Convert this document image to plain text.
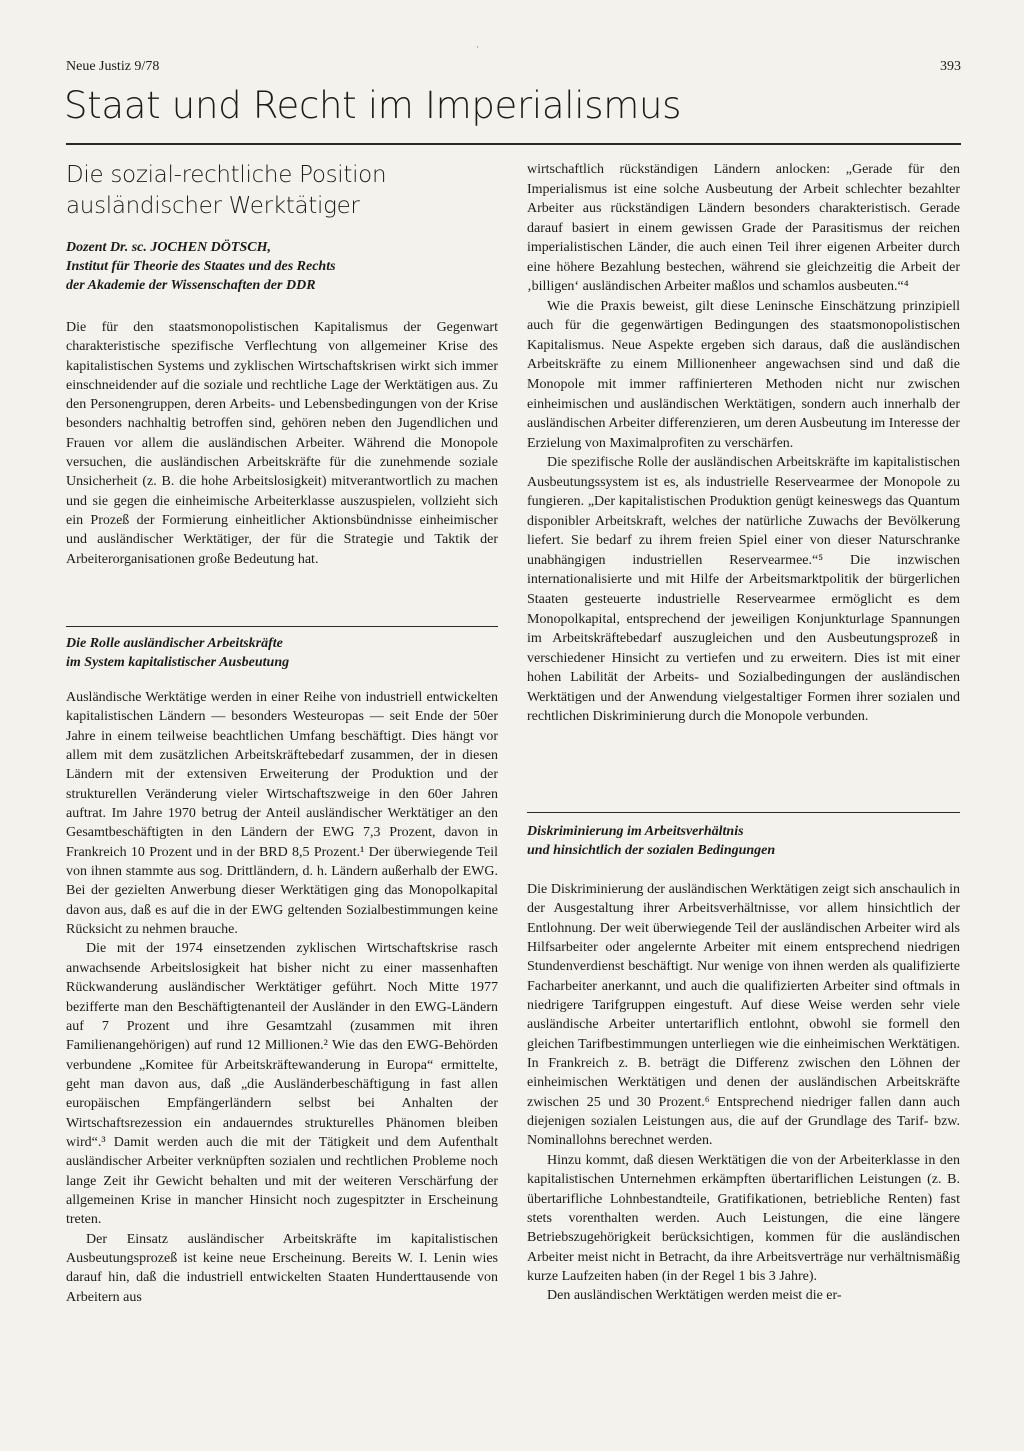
·
Neue Justiz 9/78	393
Staat und Recht im Imperialismus
Die sozial-rechtliche Position
ausländischer Werktätiger
Dozent Dr. sc. JOCHEN DÖTSCH,
Institut für Theorie des Staates und des Rechts
der Akademie der Wissenschaften der DDR

Die für den staatsmonopolistischen Kapitalismus der Gegenwart charakteristische spezifische Verflechtung von allgemeiner Krise des kapitalistischen Systems und zyklischen Wirtschaftskrisen wirkt sich immer einschneidender auf die soziale und rechtliche Lage der Werktätigen aus. Zu den Personengruppen, deren Arbeits- und Lebensbedingungen von der Krise besonders nachhaltig betroffen sind, gehören neben den Jugendlichen und Frauen vor allem die ausländischen Arbeiter. Während die Monopole versuchen, die ausländischen Arbeitskräfte für die zunehmende soziale Unsicherheit (z. B. die hohe Arbeitslosigkeit) mitverantwortlich zu machen und sie gegen die einheimische Arbeiterklasse auszuspielen, vollzieht sich ein Prozeß der Formierung einheitlicher Aktionsbündnisse einheimischer und ausländischer Werktätiger, der für die Strategie und Taktik der Arbeiterorganisationen große Bedeutung hat.

Die Rolle ausländischer Arbeitskräfte
im System kapitalistischer Ausbeutung

Ausländische Werktätige werden in einer Reihe von industriell entwickelten kapitalistischen Ländern — besonders Westeuropas — seit Ende der 50er Jahre in einem teilweise beachtlichen Umfang beschäftigt. Dies hängt vor allem mit dem zusätzlichen Arbeitskräftebedarf zusammen, der in diesen Ländern mit der extensiven Erweiterung der Produktion und der strukturellen Veränderung vieler Wirtschaftszweige in den 60er Jahren auftrat. Im Jahre 1970 betrug der Anteil ausländischer Werktätiger an den Gesamtbeschäftigten in den Ländern der EWG 7,3 Prozent, davon in Frankreich 10 Prozent und in der BRD 8,5 Prozent.¹ Der überwiegende Teil von ihnen stammte aus sog. Drittländern, d. h. Ländern außerhalb der EWG. Bei der gezielten Anwerbung dieser Werktätigen ging das Monopolkapital davon aus, daß es auf die in der EWG geltenden Sozialbestimmungen keine Rücksicht zu nehmen brauche.

Die mit der 1974 einsetzenden zyklischen Wirtschaftskrise rasch anwachsende Arbeitslosigkeit hat bisher nicht zu einer massenhaften Rückwanderung ausländischer Werktätiger geführt. Noch Mitte 1977 bezifferte man den Beschäftigtenanteil der Ausländer in den EWG-Ländern auf 7 Prozent und ihre Gesamtzahl (zusammen mit ihren Familienangehörigen) auf rund 12 Millionen.² Wie das den EWG-Behörden verbundene „Komitee für Arbeitskräftewanderung in Europa“ ermittelte, geht man davon aus, daß „die Ausländerbeschäftigung in fast allen europäischen Empfängerländern selbst bei Anhalten der Wirtschaftsrezession ein andauerndes strukturelles Phänomen bleiben wird“.³ Damit werden auch die mit der Tätigkeit und dem Aufenthalt ausländischer Arbeiter verknüpften sozialen und rechtlichen Probleme noch lange Zeit ihr Gewicht behalten und mit der weiteren Verschärfung der allgemeinen Krise in mancher Hinsicht noch zugespitzter in Erscheinung treten.

Der Einsatz ausländischer Arbeitskräfte im kapitalistischen Ausbeutungsprozeß ist keine neue Erscheinung. Bereits W. I. Lenin wies darauf hin, daß die industriell entwickelten Staaten Hunderttausende von Arbeitern aus

wirtschaftlich rückständigen Ländern anlocken: „Gerade für den Imperialismus ist eine solche Ausbeutung der Arbeit schlechter bezahlter Arbeiter aus rückständigen Ländern besonders charakteristisch. Gerade darauf basiert in einem gewissen Grade der Parasitismus der reichen imperialistischen Länder, die auch einen Teil ihrer eigenen Arbeiter durch eine höhere Bezahlung bestechen, während sie gleichzeitig die Arbeit der ‚billigen‘ ausländischen Arbeiter maßlos und schamlos ausbeuten.“⁴

Wie die Praxis beweist, gilt diese Leninsche Einschätzung prinzipiell auch für die gegenwärtigen Bedingungen des staatsmonopolistischen Kapitalismus. Neue Aspekte ergeben sich daraus, daß die ausländischen Arbeitskräfte zu einem Millionenheer angewachsen sind und daß die Monopole mit immer raffinierteren Methoden nicht nur zwischen einheimischen und ausländischen Werktätigen, sondern auch innerhalb der ausländischen Arbeiter differenzieren, um deren Ausbeutung im Interesse der Erzielung von Maximalprofiten zu verschärfen.

Die spezifische Rolle der ausländischen Arbeitskräfte im kapitalistischen Ausbeutungssystem ist es, als industrielle Reservearmee der Monopole zu fungieren. „Der kapitalistischen Produktion genügt keineswegs das Quantum disponibler Arbeitskraft, welches der natürliche Zuwachs der Bevölkerung liefert. Sie bedarf zu ihrem freien Spiel einer von dieser Naturschranke unabhängigen industriellen Reservearmee.“⁵ Die inzwischen internationalisierte und mit Hilfe der Arbeitsmarktpolitik der bürgerlichen Staaten gesteuerte industrielle Reservearmee ermöglicht es dem Monopolkapital, entsprechend der jeweiligen Konjunkturlage Spannungen im Arbeitskräftebedarf auszugleichen und den Ausbeutungsprozeß in verschiedener Hinsicht zu vertiefen und zu erweitern. Dies ist mit einer hohen Labilität der Arbeits- und Sozialbedingungen der ausländischen Werktätigen und der Anwendung vielgestaltiger Formen ihrer sozialen und rechtlichen Diskriminierung durch die Monopole verbunden.

Diskriminierung im Arbeitsverhältnis
und hinsichtlich der sozialen Bedingungen

Die Diskriminierung der ausländischen Werktätigen zeigt sich anschaulich in der Ausgestaltung ihrer Arbeitsverhältnisse, vor allem hinsichtlich der Entlohnung. Der weit überwiegende Teil der ausländischen Arbeiter wird als Hilfsarbeiter oder angelernte Arbeiter mit einem entsprechend niedrigen Stundenverdienst beschäftigt. Nur wenige von ihnen werden als qualifizierte Facharbeiter anerkannt, und auch die qualifizierten Arbeiter sind oftmals in niedrigere Tarifgruppen eingestuft. Auf diese Weise werden sehr viele ausländische Arbeiter untertariflich entlohnt, obwohl sie formell den gleichen Tarifbestimmungen unterliegen wie die einheimischen Werktätigen. In Frankreich z. B. beträgt die Differenz zwischen den Löhnen der einheimischen Werktätigen und denen der ausländischen Arbeitskräfte zwischen 25 und 30 Prozent.⁶ Entsprechend niedriger fallen dann auch diejenigen sozialen Leistungen aus, die auf der Grundlage des Tarif- bzw. Nominallohns berechnet werden.

Hinzu kommt, daß diesen Werktätigen die von der Arbeiterklasse in den kapitalistischen Unternehmen erkämpften übertariflichen Leistungen (z. B. übertarifliche Lohnbestandteile, Gratifikationen, betriebliche Renten) fast stets vorenthalten werden. Auch Leistungen, die eine längere Betriebszugehörigkeit berücksichtigen, kommen für die ausländischen Arbeiter meist nicht in Betracht, da ihre Arbeitsverträge nur verhältnismäßig kurze Laufzeiten haben (in der Regel 1 bis 3 Jahre).

Den ausländischen Werktätigen werden meist die er-
